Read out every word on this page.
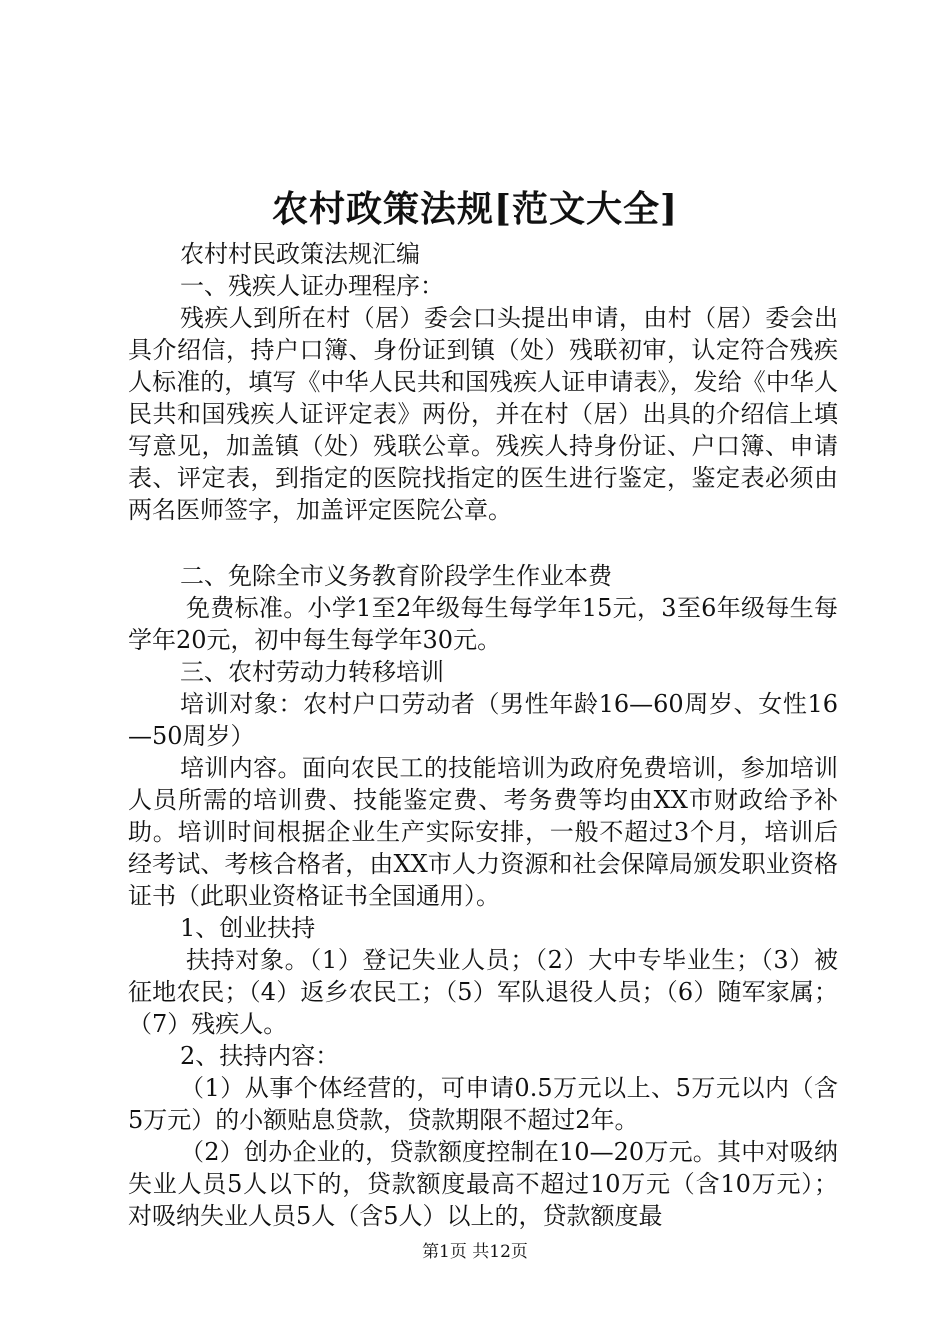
农村政策法规[范文大全]

农村村民政策法规汇编

一、残疾人证办理程序：

残疾人到所在村（居）委会口头提出申请，由村（居）委会出具介绍信，持户口簿、身份证到镇（处）残联初审，认定符合残疾人标准的，填写《中华人民共和国残疾人证申请表》，发给《中华人民共和国残疾人证评定表》两份，并在村（居）出具的介绍信上填写意见，加盖镇（处）残联公章。残疾人持身份证、户口簿、申请表、评定表，到指定的医院找指定的医生进行鉴定，鉴定表必须由两名医师签字，加盖评定医院公章。

二、免除全市义务教育阶段学生作业本费

免费标准。小学1至2年级每生每学年15元，3至6年级每生每学年20元，初中每生每学年30元。

三、农村劳动力转移培训

培训对象：农村户口劳动者（男性年龄16—60周岁、女性16—50周岁）

培训内容。面向农民工的技能培训为政府免费培训，参加培训人员所需的培训费、技能鉴定费、考务费等均由XX市财政给予补助。培训时间根据企业生产实际安排，一般不超过3个月，培训后经考试、考核合格者，由XX市人力资源和社会保障局颁发职业资格证书（此职业资格证书全国通用）。

1、创业扶持

扶持对象。（1）登记失业人员；（2）大中专毕业生；（3）被征地农民；（4）返乡农民工；（5）军队退役人员；（6）随军家属；（7）残疾人。

2、扶持内容：

（1）从事个体经营的，可申请0.5万元以上、5万元以内（含5万元）的小额贴息贷款，贷款期限不超过2年。

（2）创办企业的，贷款额度控制在10—20万元。其中对吸纳失业人员5人以下的，贷款额度最高不超过10万元（含10万元）；对吸纳失业人员5人（含5人）以上的，贷款额度最

第1页 共12页
